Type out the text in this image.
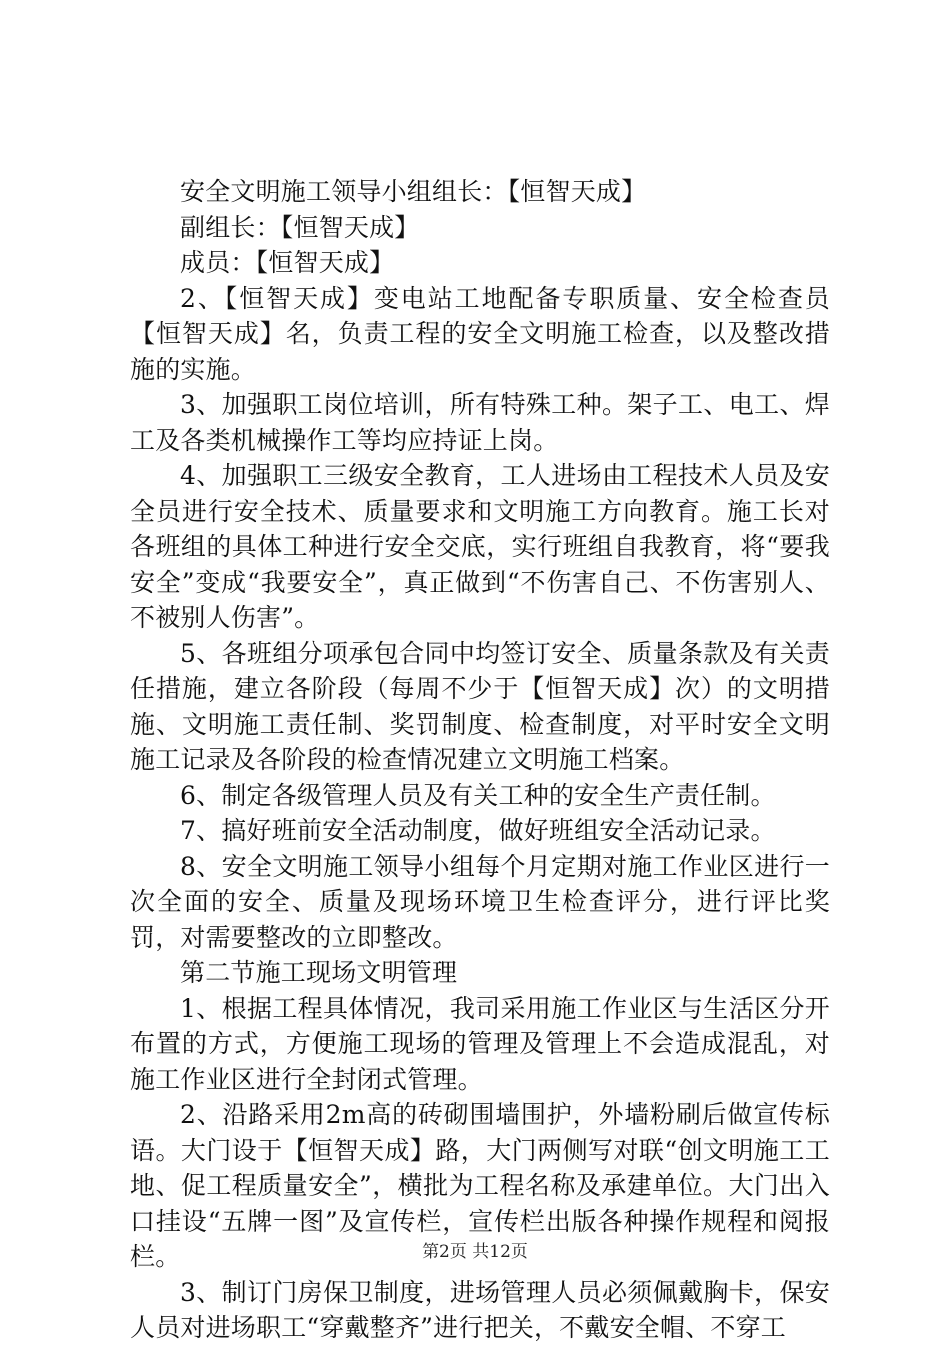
安全文明施工领导小组组长：【恒智天成】

副组长：【恒智天成】

成员：【恒智天成】

2、【恒智天成】变电站工地配备专职质量、安全检查员【恒智天成】名，负责工程的安全文明施工检查，以及整改措施的实施。

3、加强职工岗位培训，所有特殊工种。架子工、电工、焊工及各类机械操作工等均应持证上岗。

4、加强职工三级安全教育，工人进场由工程技术人员及安全员进行安全技术、质量要求和文明施工方向教育。施工长对各班组的具体工种进行安全交底，实行班组自我教育，将“要我安全”变成“我要安全”，真正做到“不伤害自己、不伤害别人、不被别人伤害”。

5、各班组分项承包合同中均签订安全、质量条款及有关责任措施，建立各阶段（每周不少于【恒智天成】次）的文明措施、文明施工责任制、奖罚制度、检查制度，对平时安全文明施工记录及各阶段的检查情况建立文明施工档案。

6、制定各级管理人员及有关工种的安全生产责任制。

7、搞好班前安全活动制度，做好班组安全活动记录。

8、安全文明施工领导小组每个月定期对施工作业区进行一次全面的安全、质量及现场环境卫生检查评分，进行评比奖罚，对需要整改的立即整改。

第二节施工现场文明管理

1、根据工程具体情况，我司采用施工作业区与生活区分开布置的方式，方便施工现场的管理及管理上不会造成混乱，对施工作业区进行全封闭式管理。

2、沿路采用2m高的砖砌围墙围护，外墙粉刷后做宣传标语。大门设于【恒智天成】路，大门两侧写对联“创文明施工工地、促工程质量安全”，横批为工程名称及承建单位。大门出入口挂设“五牌一图”及宣传栏，宣传栏出版各种操作规程和阅报栏。

3、制订门房保卫制度，进场管理人员必须佩戴胸卡，保安人员对进场职工“穿戴整齐”进行把关，不戴安全帽、不穿工

第2页 共12页
